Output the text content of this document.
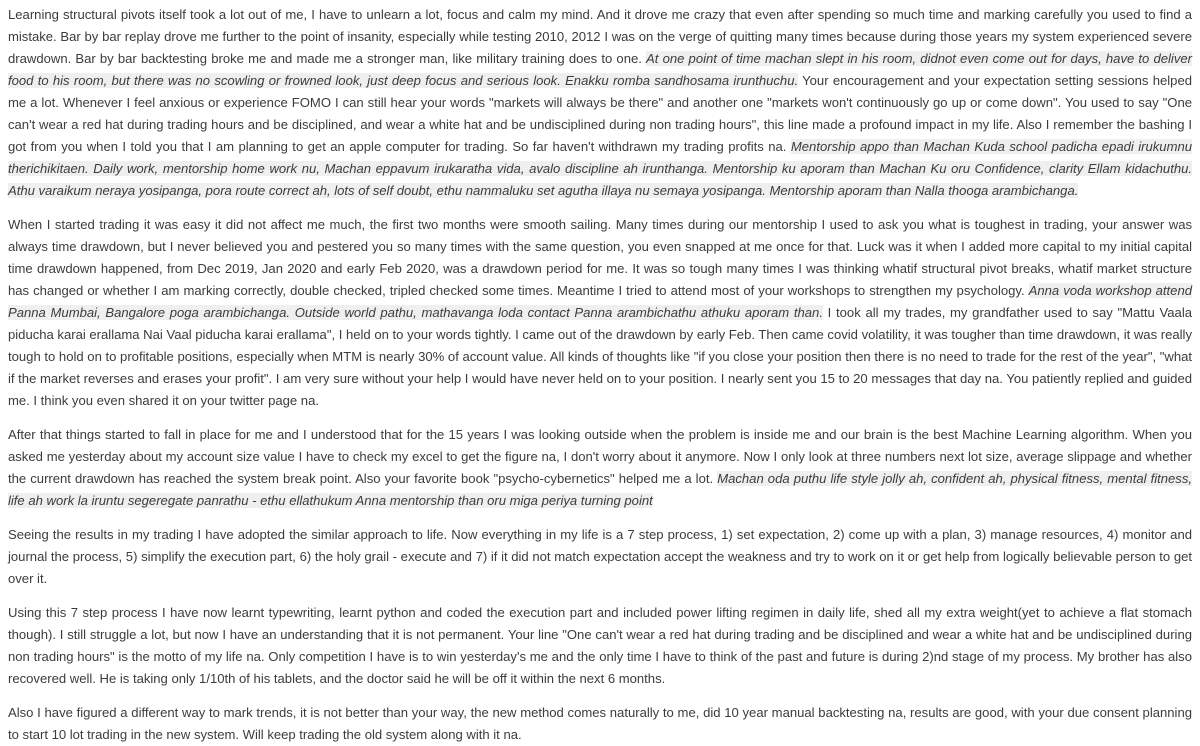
Learning structural pivots itself took a lot out of me, I have to unlearn a lot, focus and calm my mind. And it drove me crazy that even after spending so much time and marking carefully you used to find a mistake. Bar by bar replay drove me further to the point of insanity, especially while testing 2010, 2012 I was on the verge of quitting many times because during those years my system experienced severe drawdown. Bar by bar backtesting broke me and made me a stronger man, like military training does to one. At one point of time machan slept in his room, didnot even come out for days, have to deliver food to his room, but there was no scowling or frowned look, just deep focus and serious look. Enakku romba sandhosama irunthuchu. Your encouragement and your expectation setting sessions helped me a lot. Whenever I feel anxious or experience FOMO I can still hear your words "markets will always be there" and another one "markets won't continuously go up or come down". You used to say "One can't wear a red hat during trading hours and be disciplined, and wear a white hat and be undisciplined during non trading hours", this line made a profound impact in my life. Also I remember the bashing I got from you when I told you that I am planning to get an apple computer for trading. So far haven't withdrawn my trading profits na. Mentorship appo than Machan Kuda school padicha epadi irukumnu therichikitaen. Daily work, mentorship home work nu, Machan eppavum irukaratha vida, avalo discipline ah irunthanga. Mentorship ku aporam than Machan Ku oru Confidence, clarity Ellam kidachuthu. Athu varaikum neraya yosipanga, pora route correct ah, lots of self doubt, ethu nammaluku set agutha illaya nu semaya yosipanga. Mentorship aporam than Nalla thooga arambichanga.

When I started trading it was easy it did not affect me much, the first two months were smooth sailing. Many times during our mentorship I used to ask you what is toughest in trading, your answer was always time drawdown, but I never believed you and pestered you so many times with the same question, you even snapped at me once for that. Luck was it when I added more capital to my initial capital time drawdown happened, from Dec 2019, Jan 2020 and early Feb 2020, was a drawdown period for me. It was so tough many times I was thinking whatif structural pivot breaks, whatif market structure has changed or whether I am marking correctly, double checked, tripled checked some times. Meantime I tried to attend most of your workshops to strengthen my psychology. Anna voda workshop attend Panna Mumbai, Bangalore poga arambichanga. Outside world pathu, mathavanga loda contact Panna arambichathu athuku aporam than. I took all my trades, my grandfather used to say "Mattu Vaala piducha karai erallama Nai Vaal piducha karai erallama", I held on to your words tightly. I came out of the drawdown by early Feb. Then came covid volatility, it was tougher than time drawdown, it was really tough to hold on to profitable positions, especially when MTM is nearly 30% of account value. All kinds of thoughts like "if you close your position then there is no need to trade for the rest of the year", "what if the market reverses and erases your profit". I am very sure without your help I would have never held on to your position. I nearly sent you 15 to 20 messages that day na. You patiently replied and guided me. I think you even shared it on your twitter page na.

After that things started to fall in place for me and I understood that for the 15 years I was looking outside when the problem is inside me and our brain is the best Machine Learning algorithm. When you asked me yesterday about my account size value I have to check my excel to get the figure na, I don't worry about it anymore. Now I only look at three numbers next lot size, average slippage and whether the current drawdown has reached the system break point. Also your favorite book "psycho-cybernetics" helped me a lot. Machan oda puthu life style jolly ah, confident ah, physical fitness, mental fitness, life ah work la iruntu segeregate panrathu - ethu ellathukum Anna mentorship than oru miga periya turning point

Seeing the results in my trading I have adopted the similar approach to life. Now everything in my life is a 7 step process, 1) set expectation, 2) come up with a plan, 3) manage resources, 4) monitor and journal the process, 5) simplify the execution part, 6) the holy grail - execute and 7) if it did not match expectation accept the weakness and try to work on it or get help from logically believable person to get over it.

Using this 7 step process I have now learnt typewriting, learnt python and coded the execution part and included power lifting regimen in daily life, shed all my extra weight(yet to achieve a flat stomach though). I still struggle a lot, but now I have an understanding that it is not permanent. Your line "One can't wear a red hat during trading and be disciplined and wear a white hat and be undisciplined during non trading hours" is the motto of my life na. Only competition I have is to win yesterday's me and the only time I have to think of the past and future is during 2)nd stage of my process. My brother has also recovered well. He is taking only 1/10th of his tablets, and the doctor said he will be off it within the next 6 months.

Also I have figured a different way to mark trends, it is not better than your way, the new method comes naturally to me, did 10 year manual backtesting na, results are good, with your due consent planning to start 10 lot trading in the new system. Will keep trading the old system along with it na.
